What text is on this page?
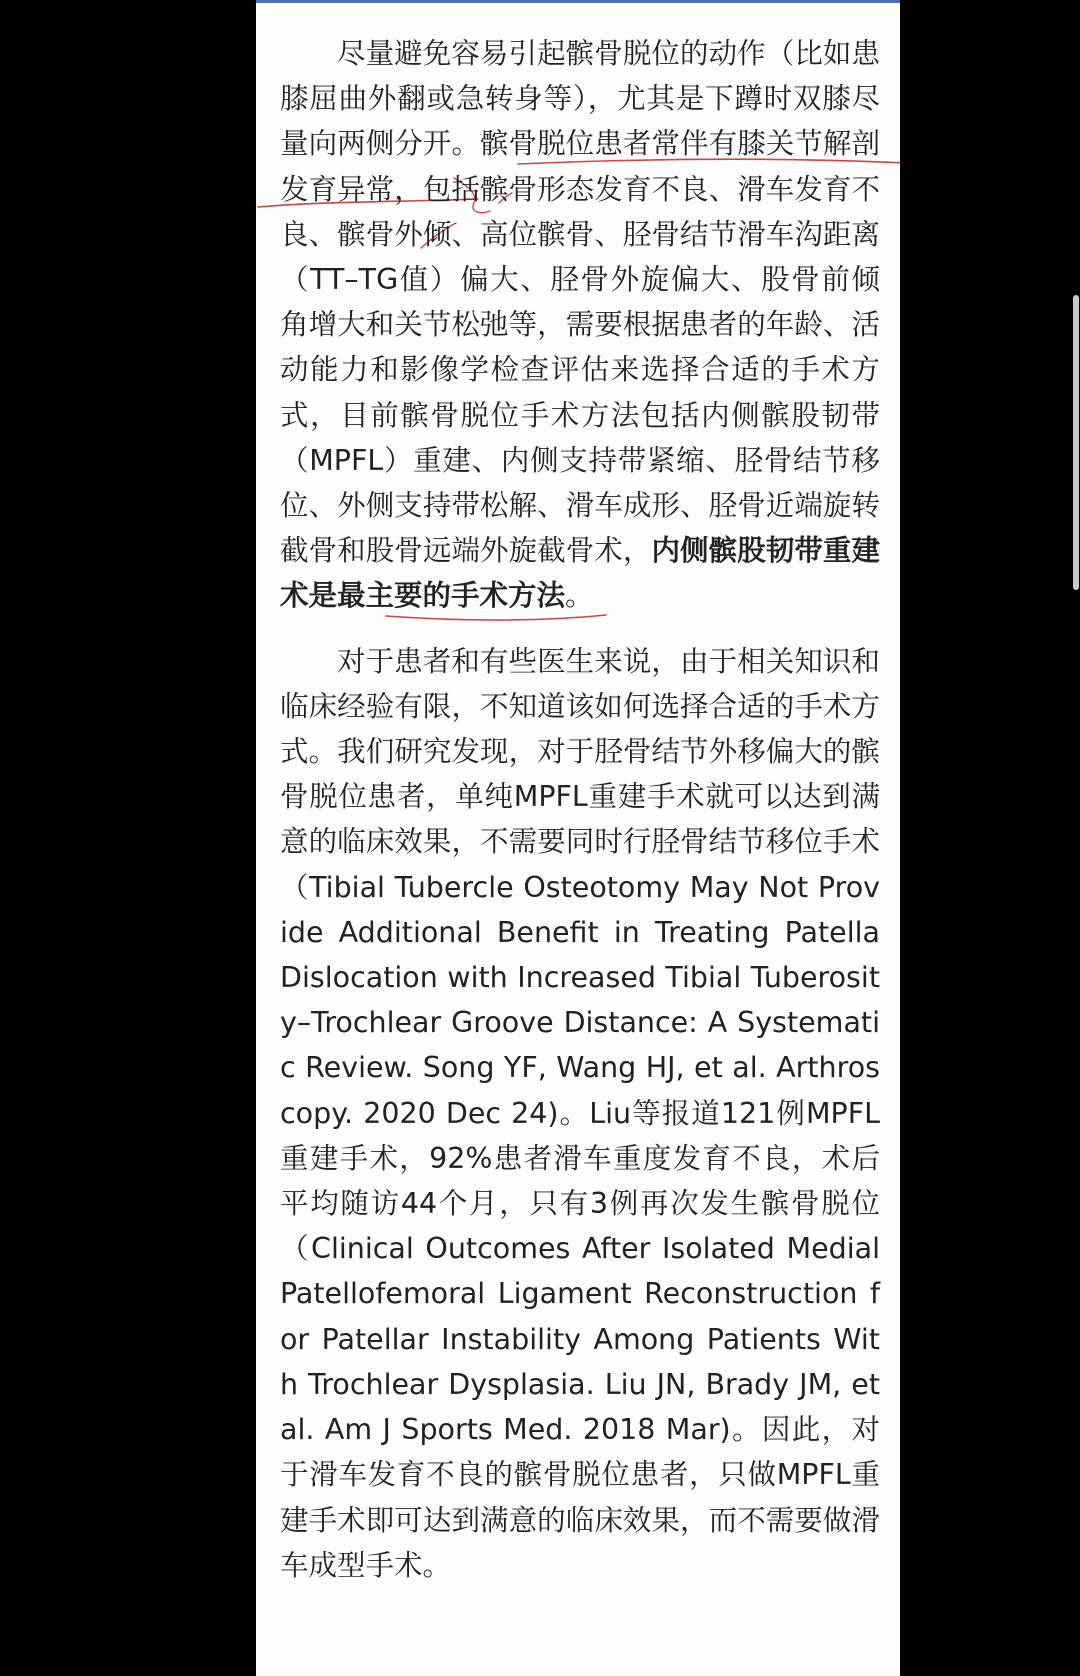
尽量避免容易引起髌骨脱位的动作（比如患膝屈曲外翻或急转身等），尤其是下蹲时双膝尽量向两侧分开。髌骨脱位患者常伴有膝关节解剖发育异常，包括髌骨形态发育不良、滑车发育不良、髌骨外倾、高位髌骨、胫骨结节滑车沟距离（TT–TG值）偏大、胫骨外旋偏大、股骨前倾角增大和关节松弛等，需要根据患者的年龄、活动能力和影像学检查评估来选择合适的手术方式，目前髌骨脱位手术方法包括内侧髌股韧带（MPFL）重建、内侧支持带紧缩、胫骨结节移位、外侧支持带松解、滑车成形、胫骨近端旋转截骨和股骨远端外旋截骨术，内侧髌股韧带重建术是最主要的手术方法。

对于患者和有些医生来说，由于相关知识和临床经验有限，不知道该如何选择合适的手术方式。我们研究发现，对于胫骨结节外移偏大的髌骨脱位患者，单纯MPFL重建手术就可以达到满意的临床效果，不需要同时行胫骨结节移位手术（Tibial Tubercle Osteotomy May Not Provide Additional Benefit in Treating Patella Dislocation with Increased Tibial Tuberosity–Trochlear Groove Distance: A Systematic Review. Song YF, Wang HJ, et al. Arthroscopy. 2020 Dec 24)。Liu等报道121例MPFL重建手术，92%患者滑车重度发育不良，术后平均随访44个月，只有3例再次发生髌骨脱位（Clinical Outcomes After Isolated Medial Patellofemoral Ligament Reconstruction for Patellar Instability Among Patients With Trochlear Dysplasia. Liu JN, Brady JM, et al. Am J Sports Med. 2018 Mar)。因此，对于滑车发育不良的髌骨脱位患者，只做MPFL重建手术即可达到满意的临床效果，而不需要做滑车成型手术。
